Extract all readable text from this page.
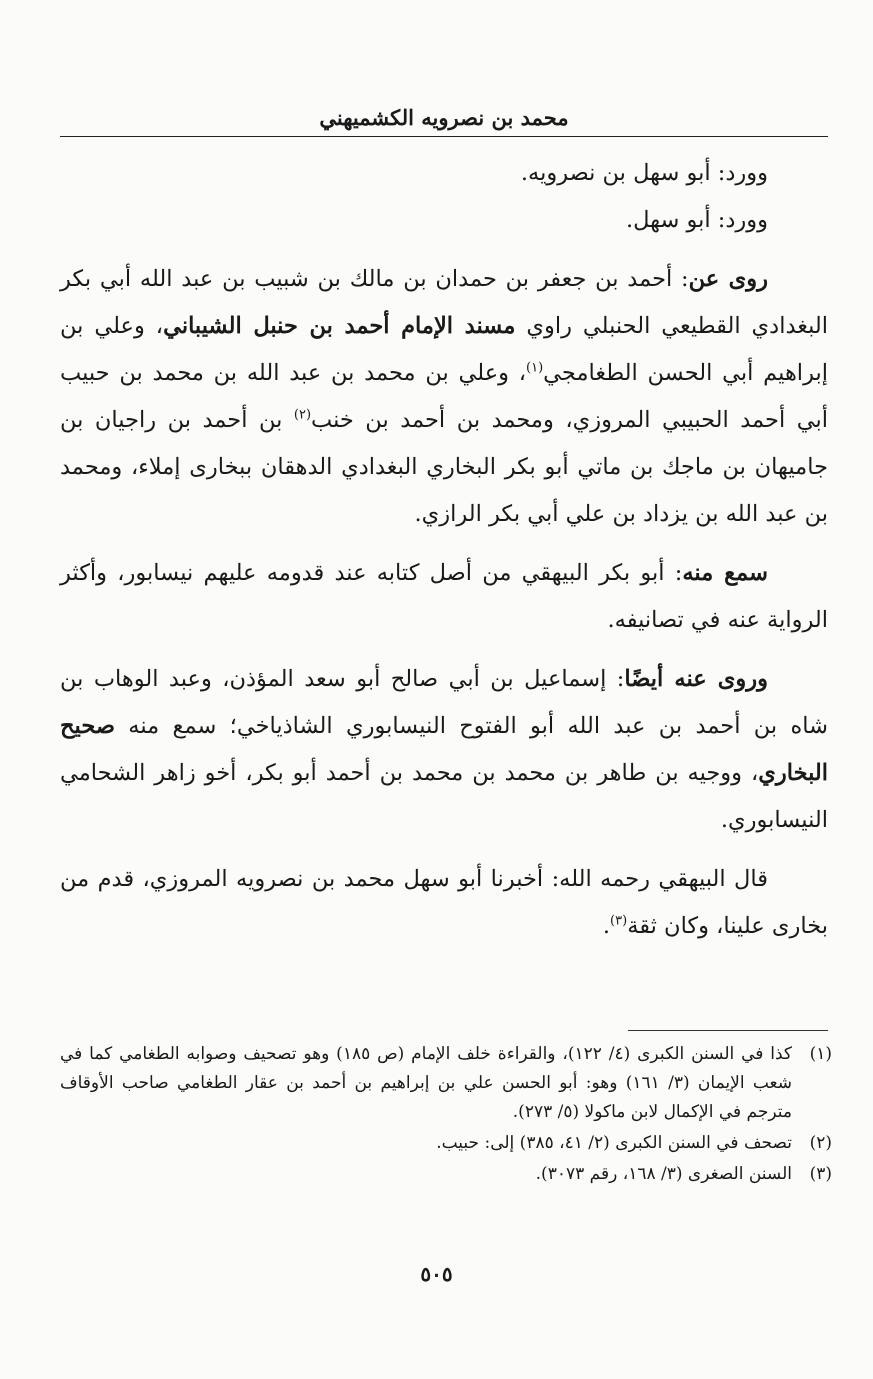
محمد بن نصرويه الكشميهني

وورد: أبو سهل بن نصرويه.

وورد: أبو سهل.

روى عن: أحمد بن جعفر بن حمدان بن مالك بن شبيب بن عبد الله أبي بكر البغدادي القطيعي الحنبلي راوي مسند الإمام أحمد بن حنبل الشيباني، وعلي بن إبراهيم أبي الحسن الطغامجي$^{(١)}$، وعلي بن محمد بن عبد الله بن محمد بن حبيب أبي أحمد الحبيبي المروزي، ومحمد بن أحمد بن خنب$^{(٢)}$ بن أحمد بن راجيان بن جاميهان بن ماجك بن ماتي أبو بكر البخاري البغدادي الدهقان ببخارى إملاء، ومحمد بن عبد الله بن يزداد بن علي أبي بكر الرازي.

سمع منه: أبو بكر البيهقي من أصل كتابه عند قدومه عليهم نيسابور، وأكثر الرواية عنه في تصانيفه.

وروى عنه أيضًا: إسماعيل بن أبي صالح أبو سعد المؤذن، وعبد الوهاب بن شاه بن أحمد بن عبد الله أبو الفتوح النيسابوري الشاذياخي؛ سمع منه صحيح البخاري، ووجيه بن طاهر بن محمد بن محمد بن أحمد أبو بكر، أخو زاهر الشحامي النيسابوري.

قال البيهقي رحمه الله: أخبرنا أبو سهل محمد بن نصرويه المروزي، قدم من بخارى علينا، وكان ثقة$^{(٣)}$.

(١)
كذا في السنن الكبرى (٤/ ١٢٢)، والقراءة خلف الإمام (ص ١٨٥) وهو تصحيف وصوابه الطغامي كما في شعب الإيمان (٣/ ١٦١) وهو: أبو الحسن علي بن إبراهيم بن أحمد بن عقار الطغامي صاحب الأوقاف مترجم في الإكمال لابن ماكولا (٥/ ٢٧٣).
(٢)
تصحف في السنن الكبرى (٢/ ٤١، ٣٨٥) إلى: حبيب.
(٣)
السنن الصغرى (٣/ ١٦٨، رقم ٣٠٧٣).
٥٠٥
